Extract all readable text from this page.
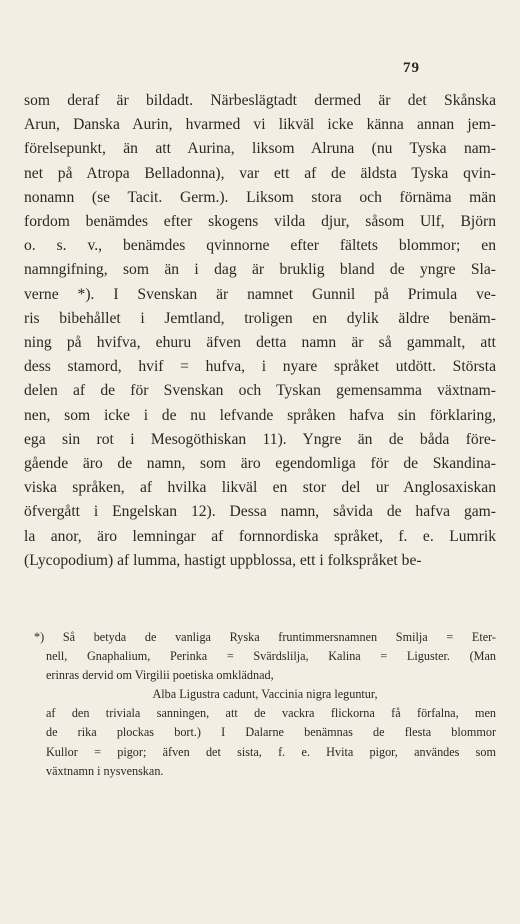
79
som deraf är bildadt. Närbeslägtadt dermed är det Skånska
Arun, Danska Aurin, hvarmed vi likväl icke känna annan jem-
förelsepunkt, än att Aurina, liksom Alruna (nu Tyska nam-
net på Atropa Belladonna), var ett af de äldsta Tyska qvin-
nonamn (se Tacit. Germ.). Liksom stora och förnäma män
fordom benämdes efter skogens vilda djur, såsom Ulf, Björn
o. s. v., benämdes qvinnorne efter fältets blommor; en
namngifning, som än i dag är bruklig bland de yngre Sla-
verne *). I Svenskan är namnet Gunnil på Primula ve-
ris bibehållet i Jemtland, troligen en dylik äldre benäm-
ning på hvifva, ehuru äfven detta namn är så gammalt, att
dess stamord, hvif = hufva, i nyare språket utdött. Största
delen af de för Svenskan och Tyskan gemensamma växtnam-
nen, som icke i de nu lefvande språken hafva sin förklaring,
ega sin rot i Mesogöthiskan 11). Yngre än de båda före-
gående äro de namn, som äro egendomliga för de Skandina-
viska språken, af hvilka likväl en stor del ur Anglosaxiskan
öfvergått i Engelskan 12). Dessa namn, såvida de hafva gam-
la anor, äro lemningar af fornnordiska språket, f. e. Lumrik
(Lycopodium) af lumma, hastigt uppblossa, ett i folkspråket be-
*) Så betyda de vanliga Ryska fruntimmersnamnen Smilja = Eter-
nell, Gnaphalium, Perinka = Svärdslilja, Kalina = Liguster. (Man
erinras dervid om Virgilii poetiska omklädnad,
Alba Ligustra cadunt, Vaccinia nigra leguntur,
af den triviala sanningen, att de vackra flickorna få förfalna, men
de rika plockas bort.) I Dalarne benämnas de flesta blommor
Kullor = pigor; äfven det sista, f. e. Hvita pigor, användes som
växtnamn i nysvenskan.
